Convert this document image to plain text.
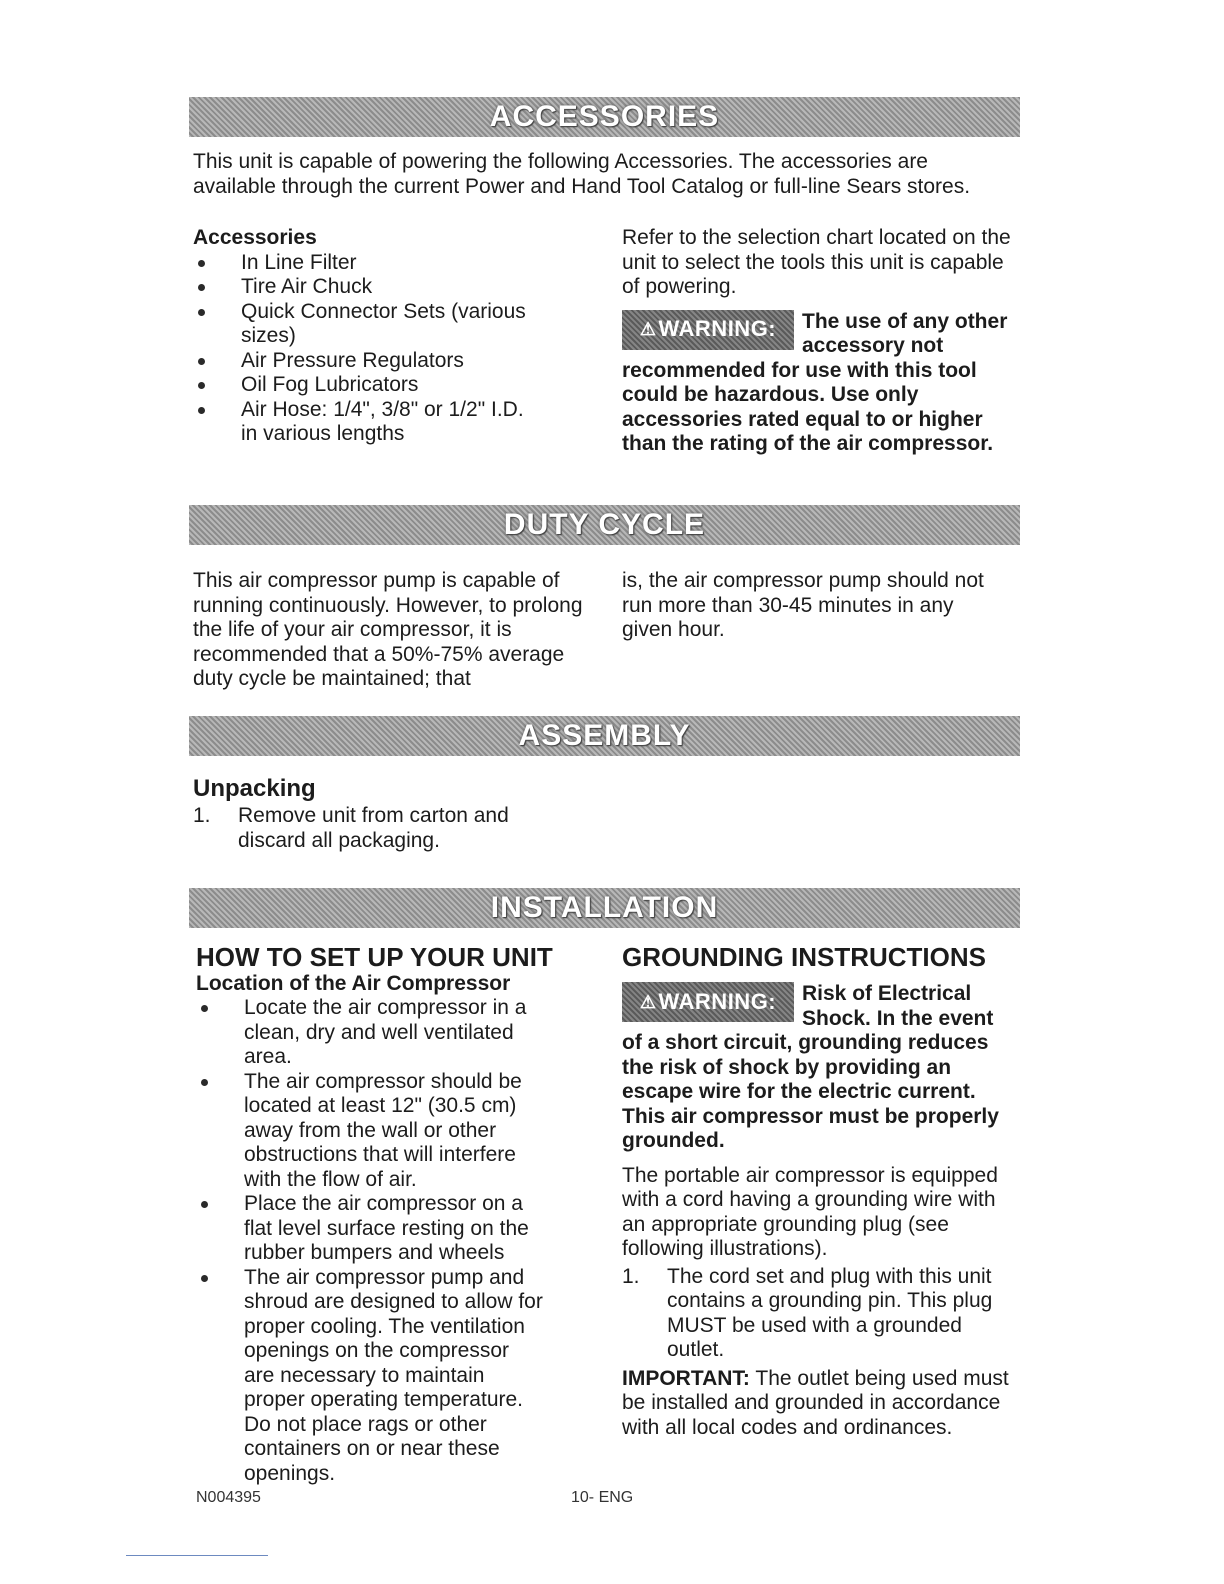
ACCESSORIES
This unit is capable of powering the following Accessories. The accessories are available through the current Power and Hand Tool Catalog or full-line Sears stores.

Accessories

In Line Filter
Tire Air Chuck
Quick Connector Sets (various sizes)
Air Pressure Regulators
Oil Fog Lubricators
Air Hose: 1/4", 3/8" or 1/2" I.D. in various lengths

Refer to the selection chart located on the unit to select the tools this unit is capable of powering.

⚠ WARNING: The use of any other accessory not recommended for use with this tool could be hazardous. Use only accessories rated equal to or higher than the rating of the air compressor.
DUTY CYCLE
This air compressor pump is capable of running continuously. However, to prolong the life of your air compressor, it is recommended that a 50%-75% average duty cycle be maintained; that
is, the air compressor pump should not run more than 30-45 minutes in any given hour.
ASSEMBLY

Unpacking

1. Remove unit from carton and discard all packaging.
INSTALLATION

HOW TO SET UP YOUR UNIT

Location of the Air Compressor

Locate the air compressor in a clean, dry and well ventilated area.
The air compressor should be located at least 12" (30.5 cm) away from the wall or other obstructions that will interfere with the flow of air.
Place the air compressor on a flat level surface resting on the rubber bumpers and wheels
The air compressor pump and shroud are designed to allow for proper cooling. The ventilation openings on the compressor are necessary to maintain proper operating temperature. Do not place rags or other containers on or near these openings.

GROUNDING INSTRUCTIONS

⚠ WARNING: Risk of Electrical Shock. In the event of a short circuit, grounding reduces the risk of shock by providing an escape wire for the electric current. This air compressor must be properly grounded.

The portable air compressor is equipped with a cord having a grounding wire with an appropriate grounding plug (see following illustrations).

1. The cord set and plug with this unit contains a grounding pin. This plug MUST be used with a grounded outlet.

IMPORTANT: The outlet being used must be installed and grounded in accordance with all local codes and ordinances.

N004395	10- ENG
